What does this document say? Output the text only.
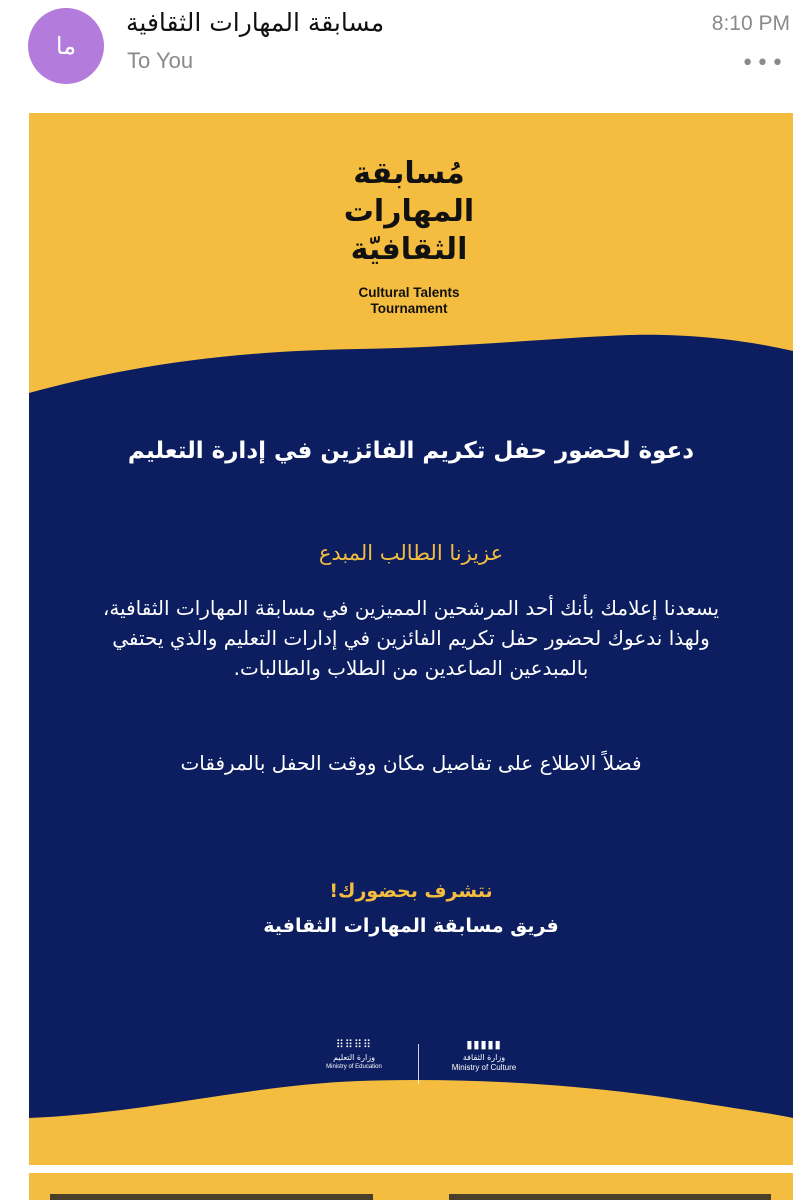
ما
مسابقة المهارات الثقافية
To You
8:10 PM
•••
مُسابقة
المهارات
الثقافيّة
Cultural Talents
Tournament
دعوة لحضور حفل تكريم الفائزين في إدارة التعليم
عزيزنا الطالب المبدع
يسعدنا إعلامك بأنك أحد المرشحين المميزين في مسابقة المهارات الثقافية، ولهذا ندعوك لحضور حفل تكريم الفائزين في إدارات التعليم والذي يحتفي بالمبدعين الصاعدين من الطلاب والطالبات.
فضلاً الاطلاع على تفاصيل مكان ووقت الحفل بالمرفقات
نتشرف بحضورك!
فريق مسابقة المهارات الثقافية
⠿⠿⠿⠿
وزارة التعليم
Ministry of Education
▮▮▮▮▮
وزارة الثقافة
Ministry of Culture
